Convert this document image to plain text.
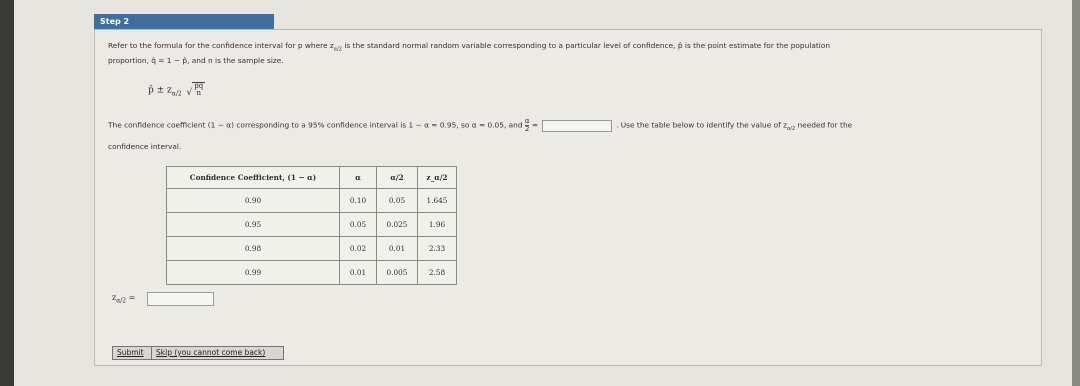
Step 2
Refer to the formula for the confidence interval for p where $z_{\alpha/2}$ is the standard normal random variable corresponding to a particular level of confidence, p̂ is the point estimate for the population
proportion, q̂ = 1 − p̂, and n is the sample size.
p̂ ± $z_{\alpha/2}$ √p̂q̂
n
The confidence coefficient (1 − α) corresponding to a 95% confidence interval is 1 − α = 0.95, so α = 0.05, and $\frac{\alpha}{2}$ =	. Use the table below to identify the value of $z_{\alpha/2}$ needed for the
confidence interval.
Confidence Coefficient, (1 − α)	α	α/2	z_α/2
0.90	0.10	0.05	1.645
0.95	0.05	0.025	1.96
0.98	0.02	0.01	2.33
0.99	0.01	0.005	2.58
$z_{\alpha/2}$ =
Submit	Skip (you cannot come back)
